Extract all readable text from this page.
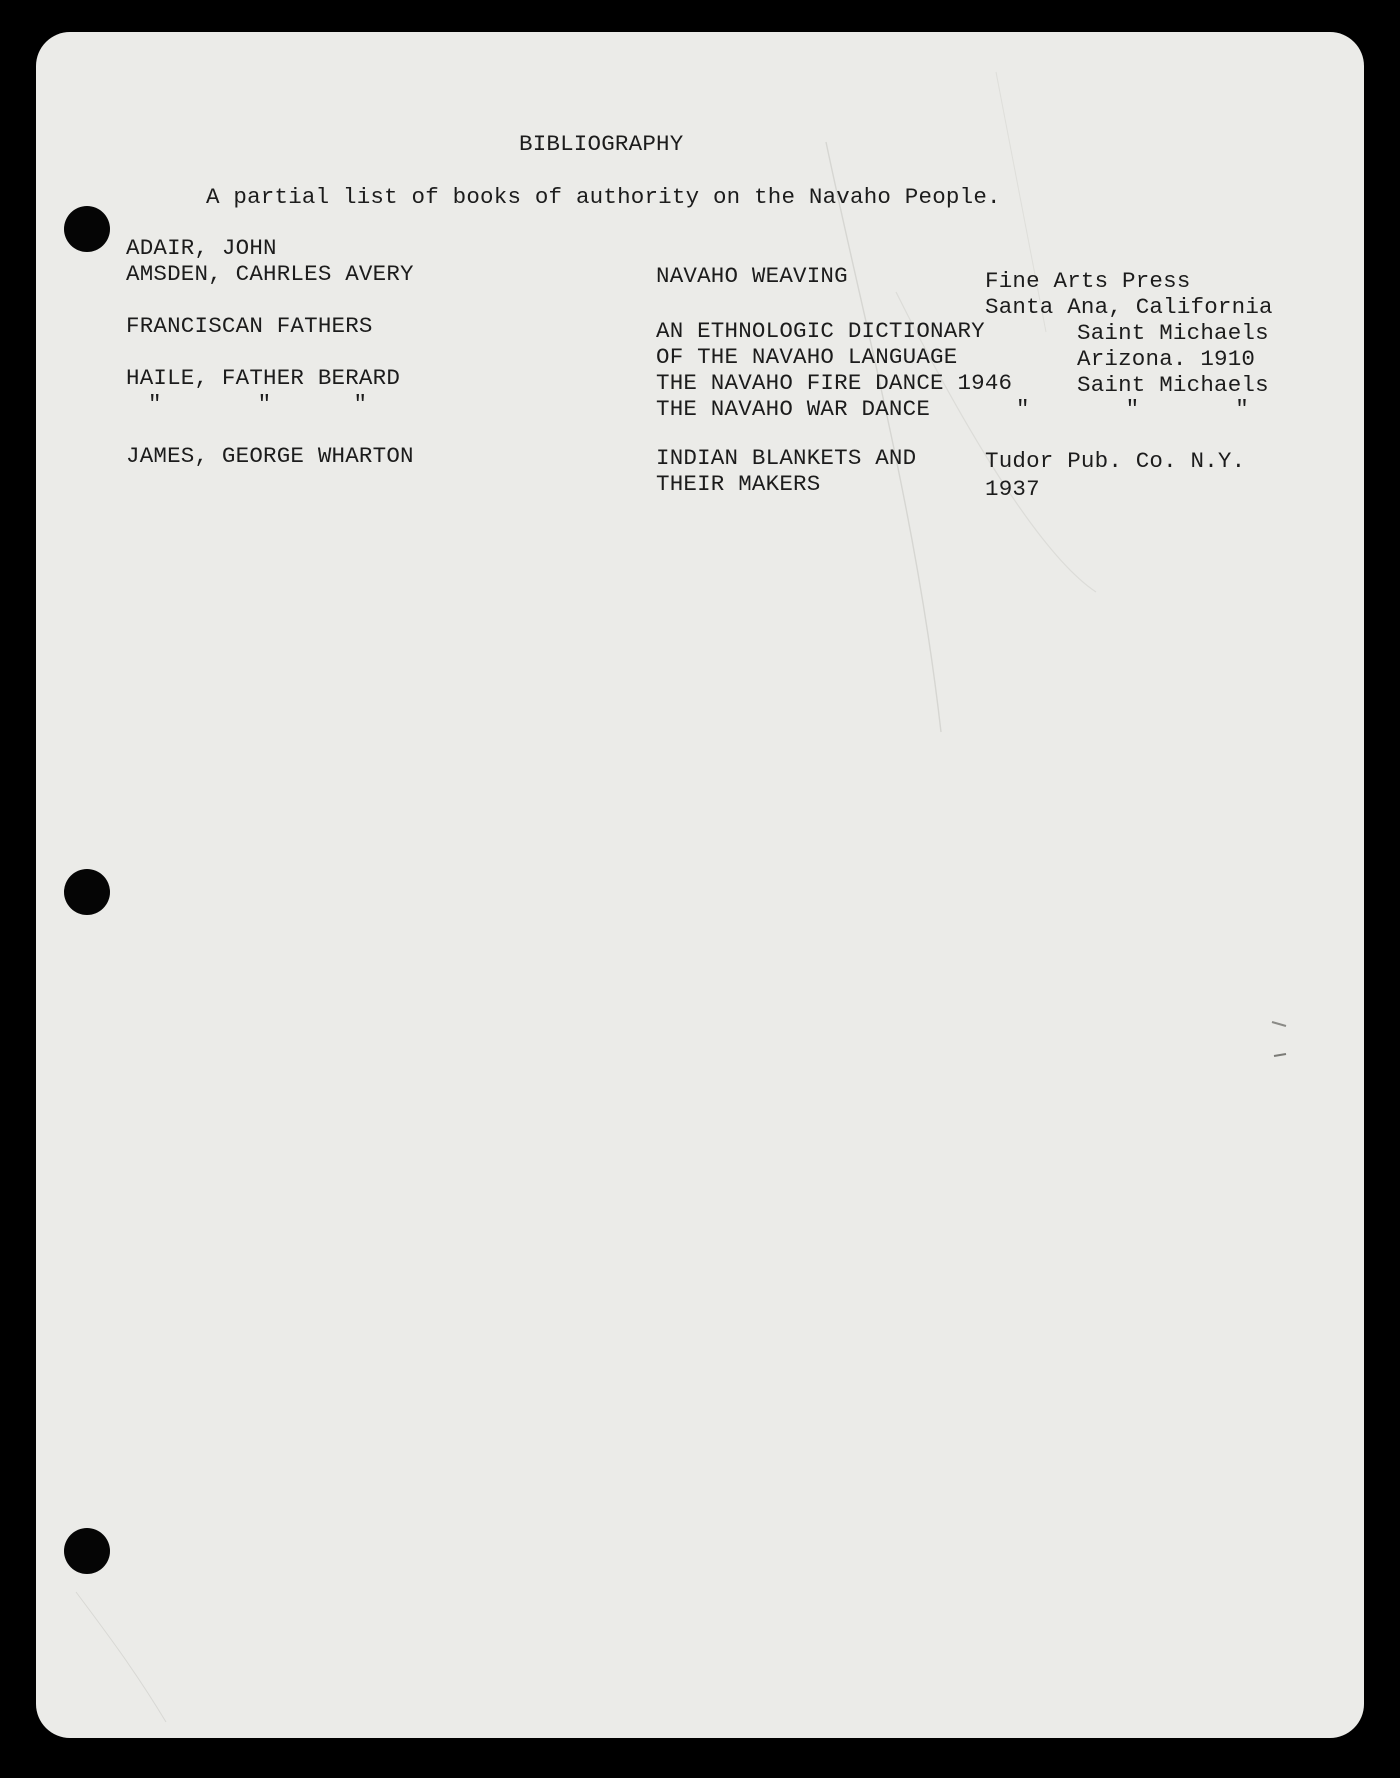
BIBLIOGRAPHY
A partial list of books of authority on the Navaho People.
ADAIR, JOHN
AMSDEN, CAHRLES AVERY	NAVAHO WEAVING	Fine Arts Press
Santa Ana, California
FRANCISCAN FATHERS	AN ETHNOLOGIC DICTIONARY	Saint Michaels
OF THE NAVAHO LANGUAGE	Arizona. 1910
HAILE, FATHER BERARD	THE NAVAHO FIRE DANCE 1946	Saint Michaels
"       "      "	THE NAVAHO WAR DANCE	"       "       "
JAMES, GEORGE WHARTON	INDIAN BLANKETS AND	Tudor Pub. Co. N.Y.
THEIR MAKERS	1937
